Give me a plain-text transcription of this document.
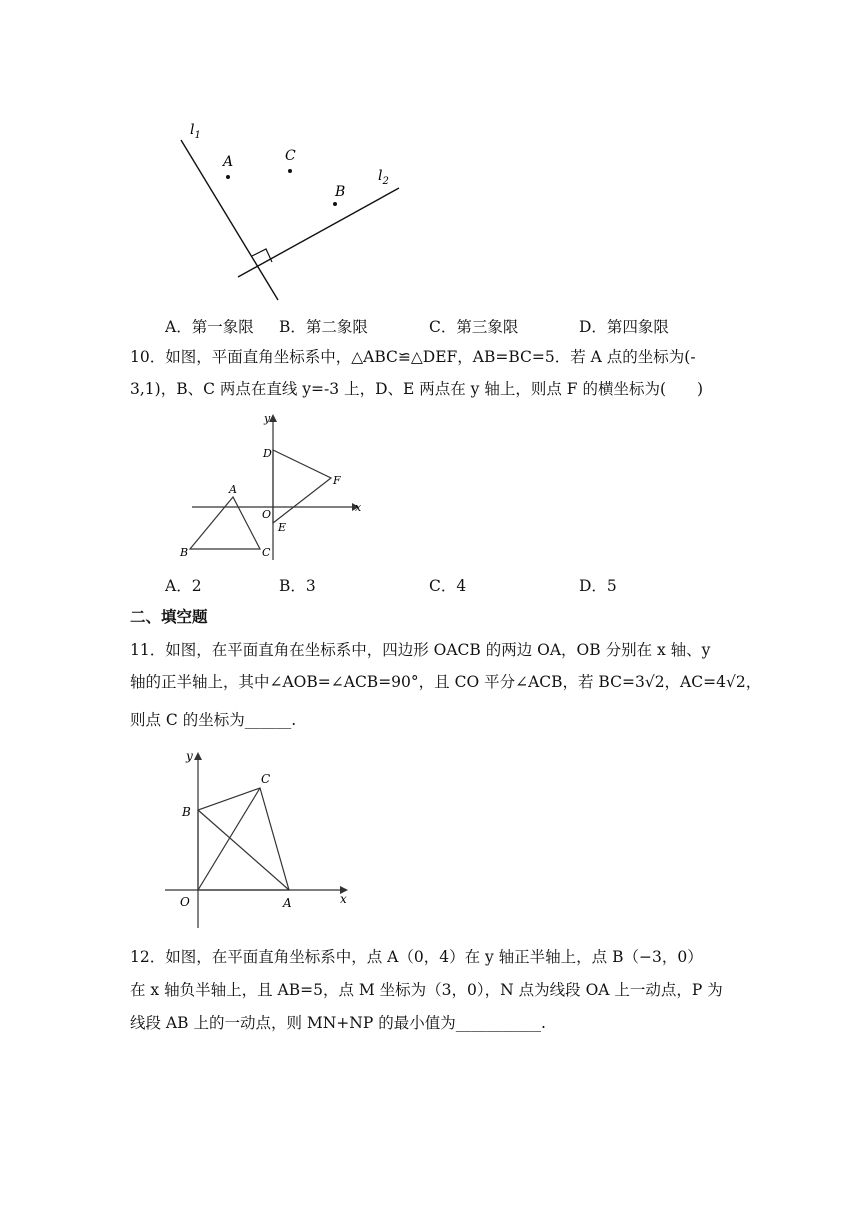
$l_1$
A	C
B
$l_2$
A．第一象限 B．第二象限	C．第三象限	D．第四象限
10．如图，平面直角坐标系中，△ABC≌△DEF，AB=BC=5．若 A 点的坐标为(-
3,1)，B、C 两点在直线 y=-3 上，D、E 两点在 y 轴上，则点 F 的横坐标为(　　)
y
x
D
F
A
O
E
B	C
A．2	B．3	C．4	D．5
二、填空题
11．如图，在平面直角在坐标系中，四边形 OACB 的两边 OA，OB 分别在 x 轴、y
轴的正半轴上，其中∠AOB=∠ACB=90°，且 CO 平分∠ACB，若 BC=3√2，AC=4√2，
则点 C 的坐标为______.
y
x
B
C
O	A
12．如图，在平面直角坐标系中，点 A（0，4）在 y 轴正半轴上，点 B（−3，0）
在 x 轴负半轴上，且 AB=5，点 M 坐标为（3，0），N 点为线段 OA 上一动点，P 为
线段 AB 上的一动点，则 MN+NP 的最小值为___________.
